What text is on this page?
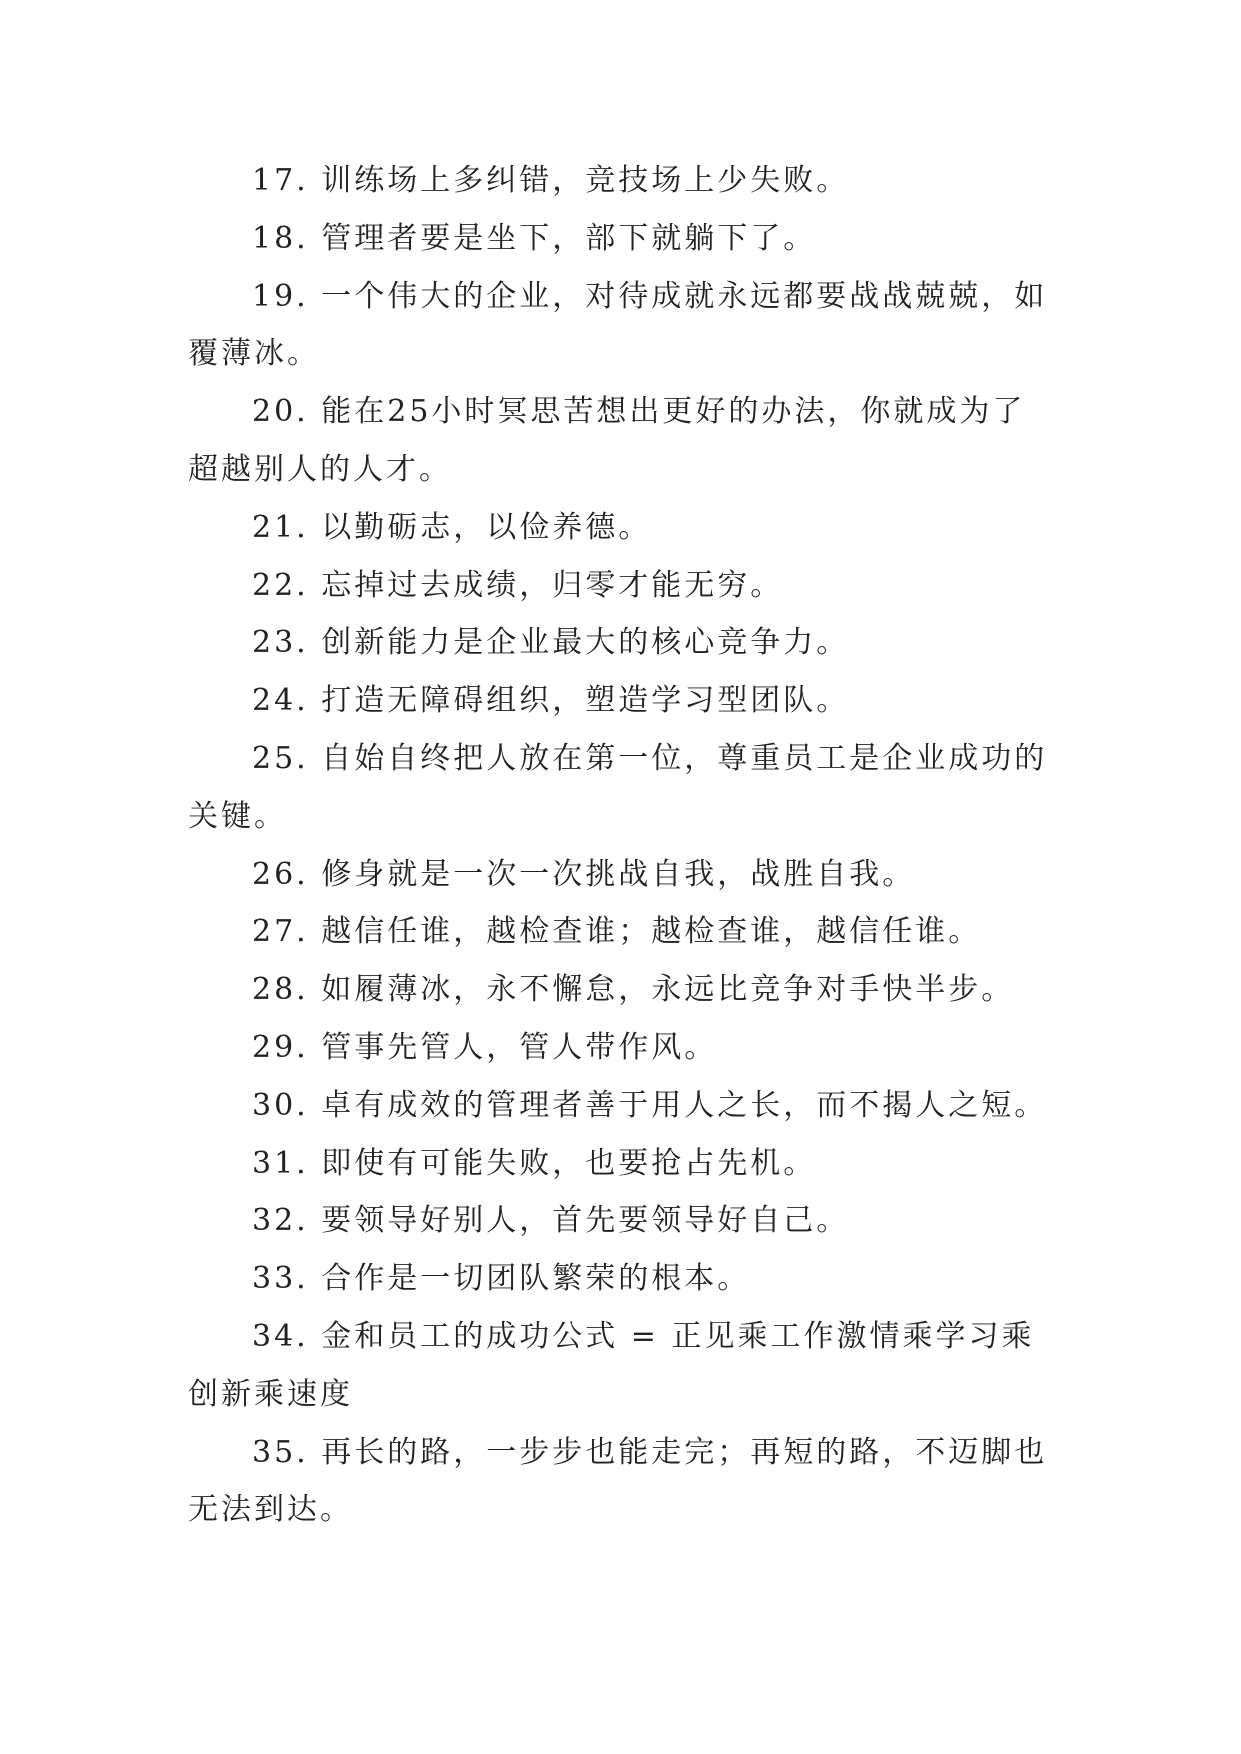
17. 训练场上多纠错，竞技场上少失败。

18. 管理者要是坐下，部下就躺下了。

19. 一个伟大的企业，对待成就永远都要战战兢兢，如覆薄冰。

20. 能在25小时冥思苦想出更好的办法，你就成为了超越别人的人才。

21. 以勤砺志，以俭养德。

22. 忘掉过去成绩，归零才能无穷。

23. 创新能力是企业最大的核心竞争力。

24. 打造无障碍组织，塑造学习型团队。

25. 自始自终把人放在第一位，尊重员工是企业成功的关键。

26. 修身就是一次一次挑战自我，战胜自我。

27. 越信任谁，越检查谁；越检查谁，越信任谁。

28. 如履薄冰，永不懈怠，永远比竞争对手快半步。

29. 管事先管人，管人带作风。

30. 卓有成效的管理者善于用人之长，而不揭人之短。

31. 即使有可能失败，也要抢占先机。

32. 要领导好别人，首先要领导好自己。

33. 合作是一切团队繁荣的根本。

34. 金和员工的成功公式 = 正见乘工作激情乘学习乘创新乘速度

35. 再长的路，一步步也能走完；再短的路，不迈脚也无法到达。
